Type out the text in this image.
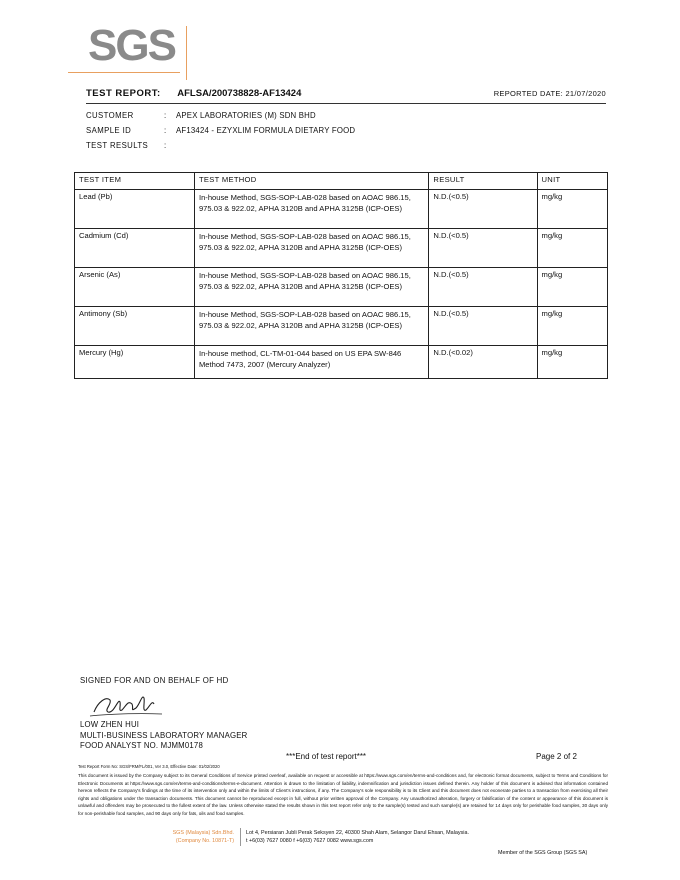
SGS
TEST REPORT: AFLSA/200738828-AF13424	REPORTED DATE: 21/07/2020
CUSTOMER	: APEX LABORATORIES (M) SDN BHD
SAMPLE ID	: AF13424 - EZYXLIM FORMULA DIETARY FOOD
TEST RESULTS :
TEST ITEM	TEST METHOD	RESULT	UNIT
Lead (Pb)	In-house Method, SGS-SOP-LAB-028 based on AOAC 986.15, 975.03 & 922.02, APHA 3120B and APHA 3125B (ICP-OES)	N.D.(<0.5)	mg/kg
Cadmium (Cd)	In-house Method, SGS-SOP-LAB-028 based on AOAC 986.15, 975.03 & 922.02, APHA 3120B and APHA 3125B (ICP-OES)	N.D.(<0.5)	mg/kg
Arsenic (As)	In-house Method, SGS-SOP-LAB-028 based on AOAC 986.15, 975.03 & 922.02, APHA 3120B and APHA 3125B (ICP-OES)	N.D.(<0.5)	mg/kg
Antimony (Sb)	In-house Method, SGS-SOP-LAB-028 based on AOAC 986.15, 975.03 & 922.02, APHA 3120B and APHA 3125B (ICP-OES)	N.D.(<0.5)	mg/kg
Mercury (Hg)	In-house method, CL-TM-01-044 based on US EPA SW-846 Method 7473, 2007 (Mercury Analyzer)	N.D.(<0.02)	mg/kg
SIGNED FOR AND ON BEHALF OF HD
LOW ZHEN HUI
MULTI-BUSINESS LABORATORY MANAGER
FOOD ANALYST NO. MJMM0178
***End of test report***	Page 2 of 2
Test Report Form No: SGS/FRM/FL/001, Ver 3.0, Effective Date: 01/02/2020
This document is issued by the Company subject to its General Conditions of Service printed overleaf, available on request or accessible at https://www.sgs.com/en/terms-and-conditions and, for electronic format documents, subject to Terms and Conditions for Electronic Documents at https://www.sgs.com/en/terms-and-conditions/terms-e-document. Attention is drawn to the limitation of liability, indemnification and jurisdiction issues defined therein. Any holder of this document is advised that information contained hereon reflects the Company's findings at the time of its intervention only and within the limits of Client's instructions, if any. The Company's sole responsibility is to its Client and this document does not exonerate parties to a transaction from exercising all their rights and obligations under the transaction documents. This document cannot be reproduced except in full, without prior written approval of the Company. Any unauthorized alteration, forgery or falsification of the content or appearance of this document is unlawful and offenders may be prosecuted to the fullest extent of the law. Unless otherwise stated the results shown in this test report refer only to the sample(s) tested and such sample(s) are retained for 14 days only for perishable food samples, 30 days only for non-perishable food samples, and 90 days only for fats, oils and food samples.
SGS (Malaysia) Sdn.Bhd.
(Company No. 10871-T)
Lot 4, Persiaran Jubli Perak Seksyen 22, 40300 Shah Alam, Selangor Darul Ehsan, Malaysia.
t +6(03) 7627 0080 f +6(03) 7627 0082 www.sgs.com
Member of the SGS Group (SGS SA)
